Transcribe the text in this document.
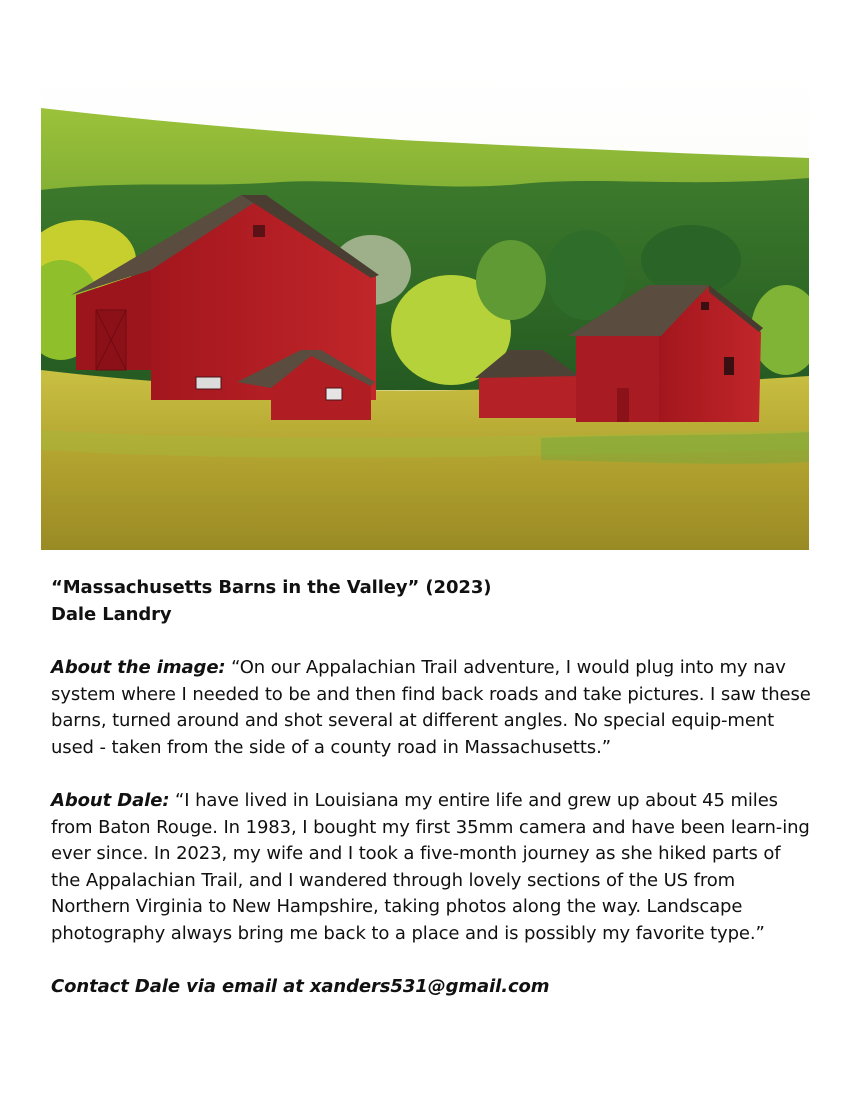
“Massachusetts Barns in the Valley” (2023)
Dale Landry
About the image: “On our Appalachian Trail adventure, I would plug into my nav system where I needed to be and then find back roads and take pictures. I saw these barns, turned around and shot several at different angles. No special equip-ment used - taken from the side of a county road in Massachusetts.”
About Dale: “I have lived in Louisiana my entire life and grew up about 45 miles from Baton Rouge. In 1983, I bought my first 35mm camera and have been learn-ing ever since. In 2023, my wife and I took a five-month journey as she hiked parts of the Appalachian Trail, and I wandered through lovely sections of the US from Northern Virginia to New Hampshire, taking photos along the way. Landscape photography always bring me back to a place and is possibly my favorite type.”
Contact Dale via email at xanders531@gmail.com
